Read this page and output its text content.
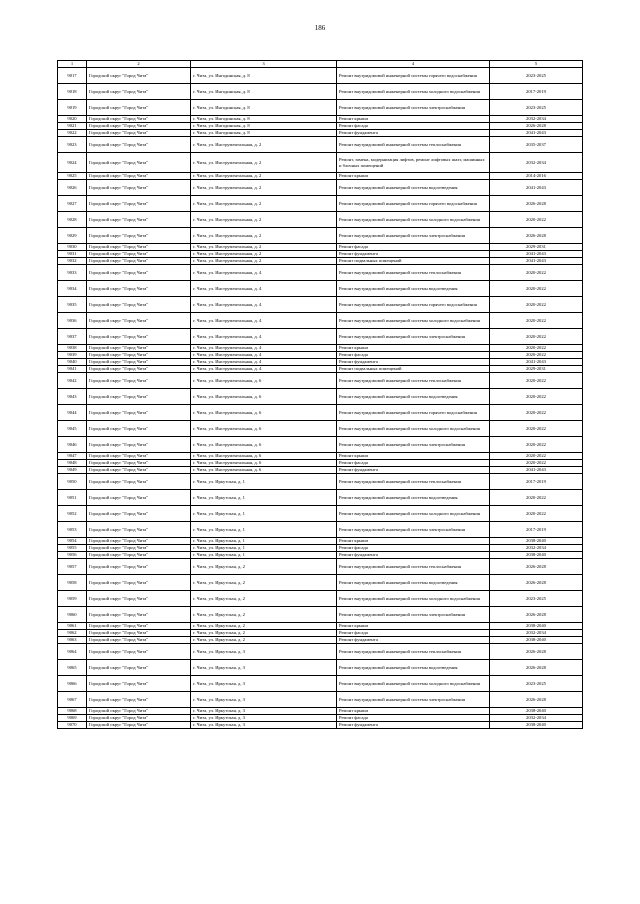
186
1	2	3	4	5
9017	Городской округ "Город Чита"	г. Чита, ул. Ингодинская, д. 8	Ремонт внутридомовой инженерной системы горячего водоснабжения	2023-2025
9018	Городской округ "Город Чита"	г. Чита, ул. Ингодинская, д. 8	Ремонт внутридомовой инженерной системы холодного водоснабжения	2017-2019
9019	Городской округ "Город Чита"	г. Чита, ул. Ингодинская, д. 8	Ремонт внутридомовой инженерной системы электроснабжения	2023-2025
9020	Городской округ "Город Чита"	г. Чита, ул. Ингодинская, д. 8	Ремонт крыши	2032-2034
9021	Городской округ "Город Чита"	г. Чита, ул. Ингодинская, д. 8	Ремонт фасада	2026-2028
9022	Городской округ "Город Чита"	г. Чита, ул. Ингодинская, д. 8	Ремонт фундамента	2041-2043
9023	Городской округ "Город Чита"	г. Чита, ул. Инструментальная, д. 2	Ремонт внутридомовой инженерной системы теплоснабжения	2035-2037
9024	Городской округ "Город Чита"	г. Чита, ул. Инструментальная, д. 2	Ремонт, замена, модернизация лифтов, ремонт лифтовых шахт, машинных и блочных помещений	2032-2034
9025	Городской округ "Город Чита"	г. Чита, ул. Инструментальная, д. 2	Ремонт крыши	2014-2016
9026	Городской округ "Город Чита"	г. Чита, ул. Инструментальная, д. 2	Ремонт внутридомовой инженерной системы водоотведения	2041-2043
9027	Городской округ "Город Чита"	г. Чита, ул. Инструментальная, д. 2	Ремонт внутридомовой инженерной системы горячего водоснабжения	2026-2028
9028	Городской округ "Город Чита"	г. Чита, ул. Инструментальная, д. 2	Ремонт внутридомовой инженерной системы холодного водоснабжения	2020-2022
9029	Городской округ "Город Чита"	г. Чита, ул. Инструментальная, д. 2	Ремонт внутридомовой инженерной системы электроснабжения	2026-2028
9030	Городской округ "Город Чита"	г. Чита, ул. Инструментальная, д. 2	Ремонт фасада	2029-2031
9031	Городской округ "Город Чита"	г. Чита, ул. Инструментальная, д. 2	Ремонт фундамента	2041-2043
9032	Городской округ "Город Чита"	г. Чита, ул. Инструментальная, д. 2	Ремонт подвальных помещений	2041-2043
9033	Городской округ "Город Чита"	г. Чита, ул. Инструментальная, д. 4	Ремонт внутридомовой инженерной системы теплоснабжения	2020-2022
9034	Городской округ "Город Чита"	г. Чита, ул. Инструментальная, д. 4	Ремонт внутридомовой инженерной системы водоотведения	2020-2022
9035	Городской округ "Город Чита"	г. Чита, ул. Инструментальная, д. 4	Ремонт внутридомовой инженерной системы горячего водоснабжения	2020-2022
9036	Городской округ "Город Чита"	г. Чита, ул. Инструментальная, д. 4	Ремонт внутридомовой инженерной системы холодного водоснабжения	2020-2022
9037	Городской округ "Город Чита"	г. Чита, ул. Инструментальная, д. 4	Ремонт внутридомовой инженерной системы электроснабжения	2020-2022
9038	Городской округ "Город Чита"	г. Чита, ул. Инструментальная, д. 4	Ремонт крыши	2020-2022
9039	Городской округ "Город Чита"	г. Чита, ул. Инструментальная, д. 4	Ремонт фасада	2020-2022
9040	Городской округ "Город Чита"	г. Чита, ул. Инструментальная, д. 4	Ремонт фундамента	2041-2043
9041	Городской округ "Город Чита"	г. Чита, ул. Инструментальная, д. 4	Ремонт подвальных помещений	2029-2031
9042	Городской округ "Город Чита"	г. Чита, ул. Инструментальная, д. 6	Ремонт внутридомовой инженерной системы теплоснабжения	2020-2022
9043	Городской округ "Город Чита"	г. Чита, ул. Инструментальная, д. 6	Ремонт внутридомовой инженерной системы водоотведения	2020-2022
9044	Городской округ "Город Чита"	г. Чита, ул. Инструментальная, д. 6	Ремонт внутридомовой инженерной системы горячего водоснабжения	2020-2022
9045	Городской округ "Город Чита"	г. Чита, ул. Инструментальная, д. 6	Ремонт внутридомовой инженерной системы холодного водоснабжения	2020-2022
9046	Городской округ "Город Чита"	г. Чита, ул. Инструментальная, д. 6	Ремонт внутридомовой инженерной системы электроснабжения	2020-2022
9047	Городской округ "Город Чита"	г. Чита, ул. Инструментальная, д. 6	Ремонт крыши	2020-2022
9048	Городской округ "Город Чита"	г. Чита, ул. Инструментальная, д. 6	Ремонт фасада	2020-2022
9049	Городской округ "Город Чита"	г. Чита, ул. Инструментальная, д. 6	Ремонт фундамента	2041-2043
9050	Городской округ "Город Чита"	г. Чита, ул. Иркутская, д. 1	Ремонт внутридомовой инженерной системы теплоснабжения	2017-2019
9051	Городской округ "Город Чита"	г. Чита, ул. Иркутская, д. 1	Ремонт внутридомовой инженерной системы водоотведения	2020-2022
9052	Городской округ "Город Чита"	г. Чита, ул. Иркутская, д. 1	Ремонт внутридомовой инженерной системы холодного водоснабжения	2020-2022
9053	Городской округ "Город Чита"	г. Чита, ул. Иркутская, д. 1	Ремонт внутридомовой инженерной системы электроснабжения	2017-2019
9054	Городской округ "Город Чита"	г. Чита, ул. Иркутская, д. 1	Ремонт крыши	2038-2040
9055	Городской округ "Город Чита"	г. Чита, ул. Иркутская, д. 1	Ремонт фасада	2032-2034
9056	Городской округ "Город Чита"	г. Чита, ул. Иркутская, д. 1	Ремонт фундамента	2038-2040
9057	Городской округ "Город Чита"	г. Чита, ул. Иркутская, д. 2	Ремонт внутридомовой инженерной системы теплоснабжения	2026-2028
9058	Городской округ "Город Чита"	г. Чита, ул. Иркутская, д. 2	Ремонт внутридомовой инженерной системы водоотведения	2026-2028
9059	Городской округ "Город Чита"	г. Чита, ул. Иркутская, д. 2	Ремонт внутридомовой инженерной системы холодного водоснабжения	2023-2025
9060	Городской округ "Город Чита"	г. Чита, ул. Иркутская, д. 2	Ремонт внутридомовой инженерной системы электроснабжения	2026-2028
9061	Городской округ "Город Чита"	г. Чита, ул. Иркутская, д. 2	Ремонт крыши	2038-2040
9062	Городской округ "Город Чита"	г. Чита, ул. Иркутская, д. 2	Ремонт фасада	2032-2034
9063	Городской округ "Город Чита"	г. Чита, ул. Иркутская, д. 2	Ремонт фундамента	2038-2040
9064	Городской округ "Город Чита"	г. Чита, ул. Иркутская, д. 3	Ремонт внутридомовой инженерной системы теплоснабжения	2026-2028
9065	Городской округ "Город Чита"	г. Чита, ул. Иркутская, д. 3	Ремонт внутридомовой инженерной системы водоотведения	2026-2028
9066	Городской округ "Город Чита"	г. Чита, ул. Иркутская, д. 3	Ремонт внутридомовой инженерной системы холодного водоснабжения	2023-2025
9067	Городской округ "Город Чита"	г. Чита, ул. Иркутская, д. 3	Ремонт внутридомовой инженерной системы электроснабжения	2026-2028
9068	Городской округ "Город Чита"	г. Чита, ул. Иркутская, д. 3	Ремонт крыши	2038-2040
9069	Городской округ "Город Чита"	г. Чита, ул. Иркутская, д. 3	Ремонт фасада	2032-2034
9070	Городской округ "Город Чита"	г. Чита, ул. Иркутская, д. 3	Ремонт фундамента	2038-2040
